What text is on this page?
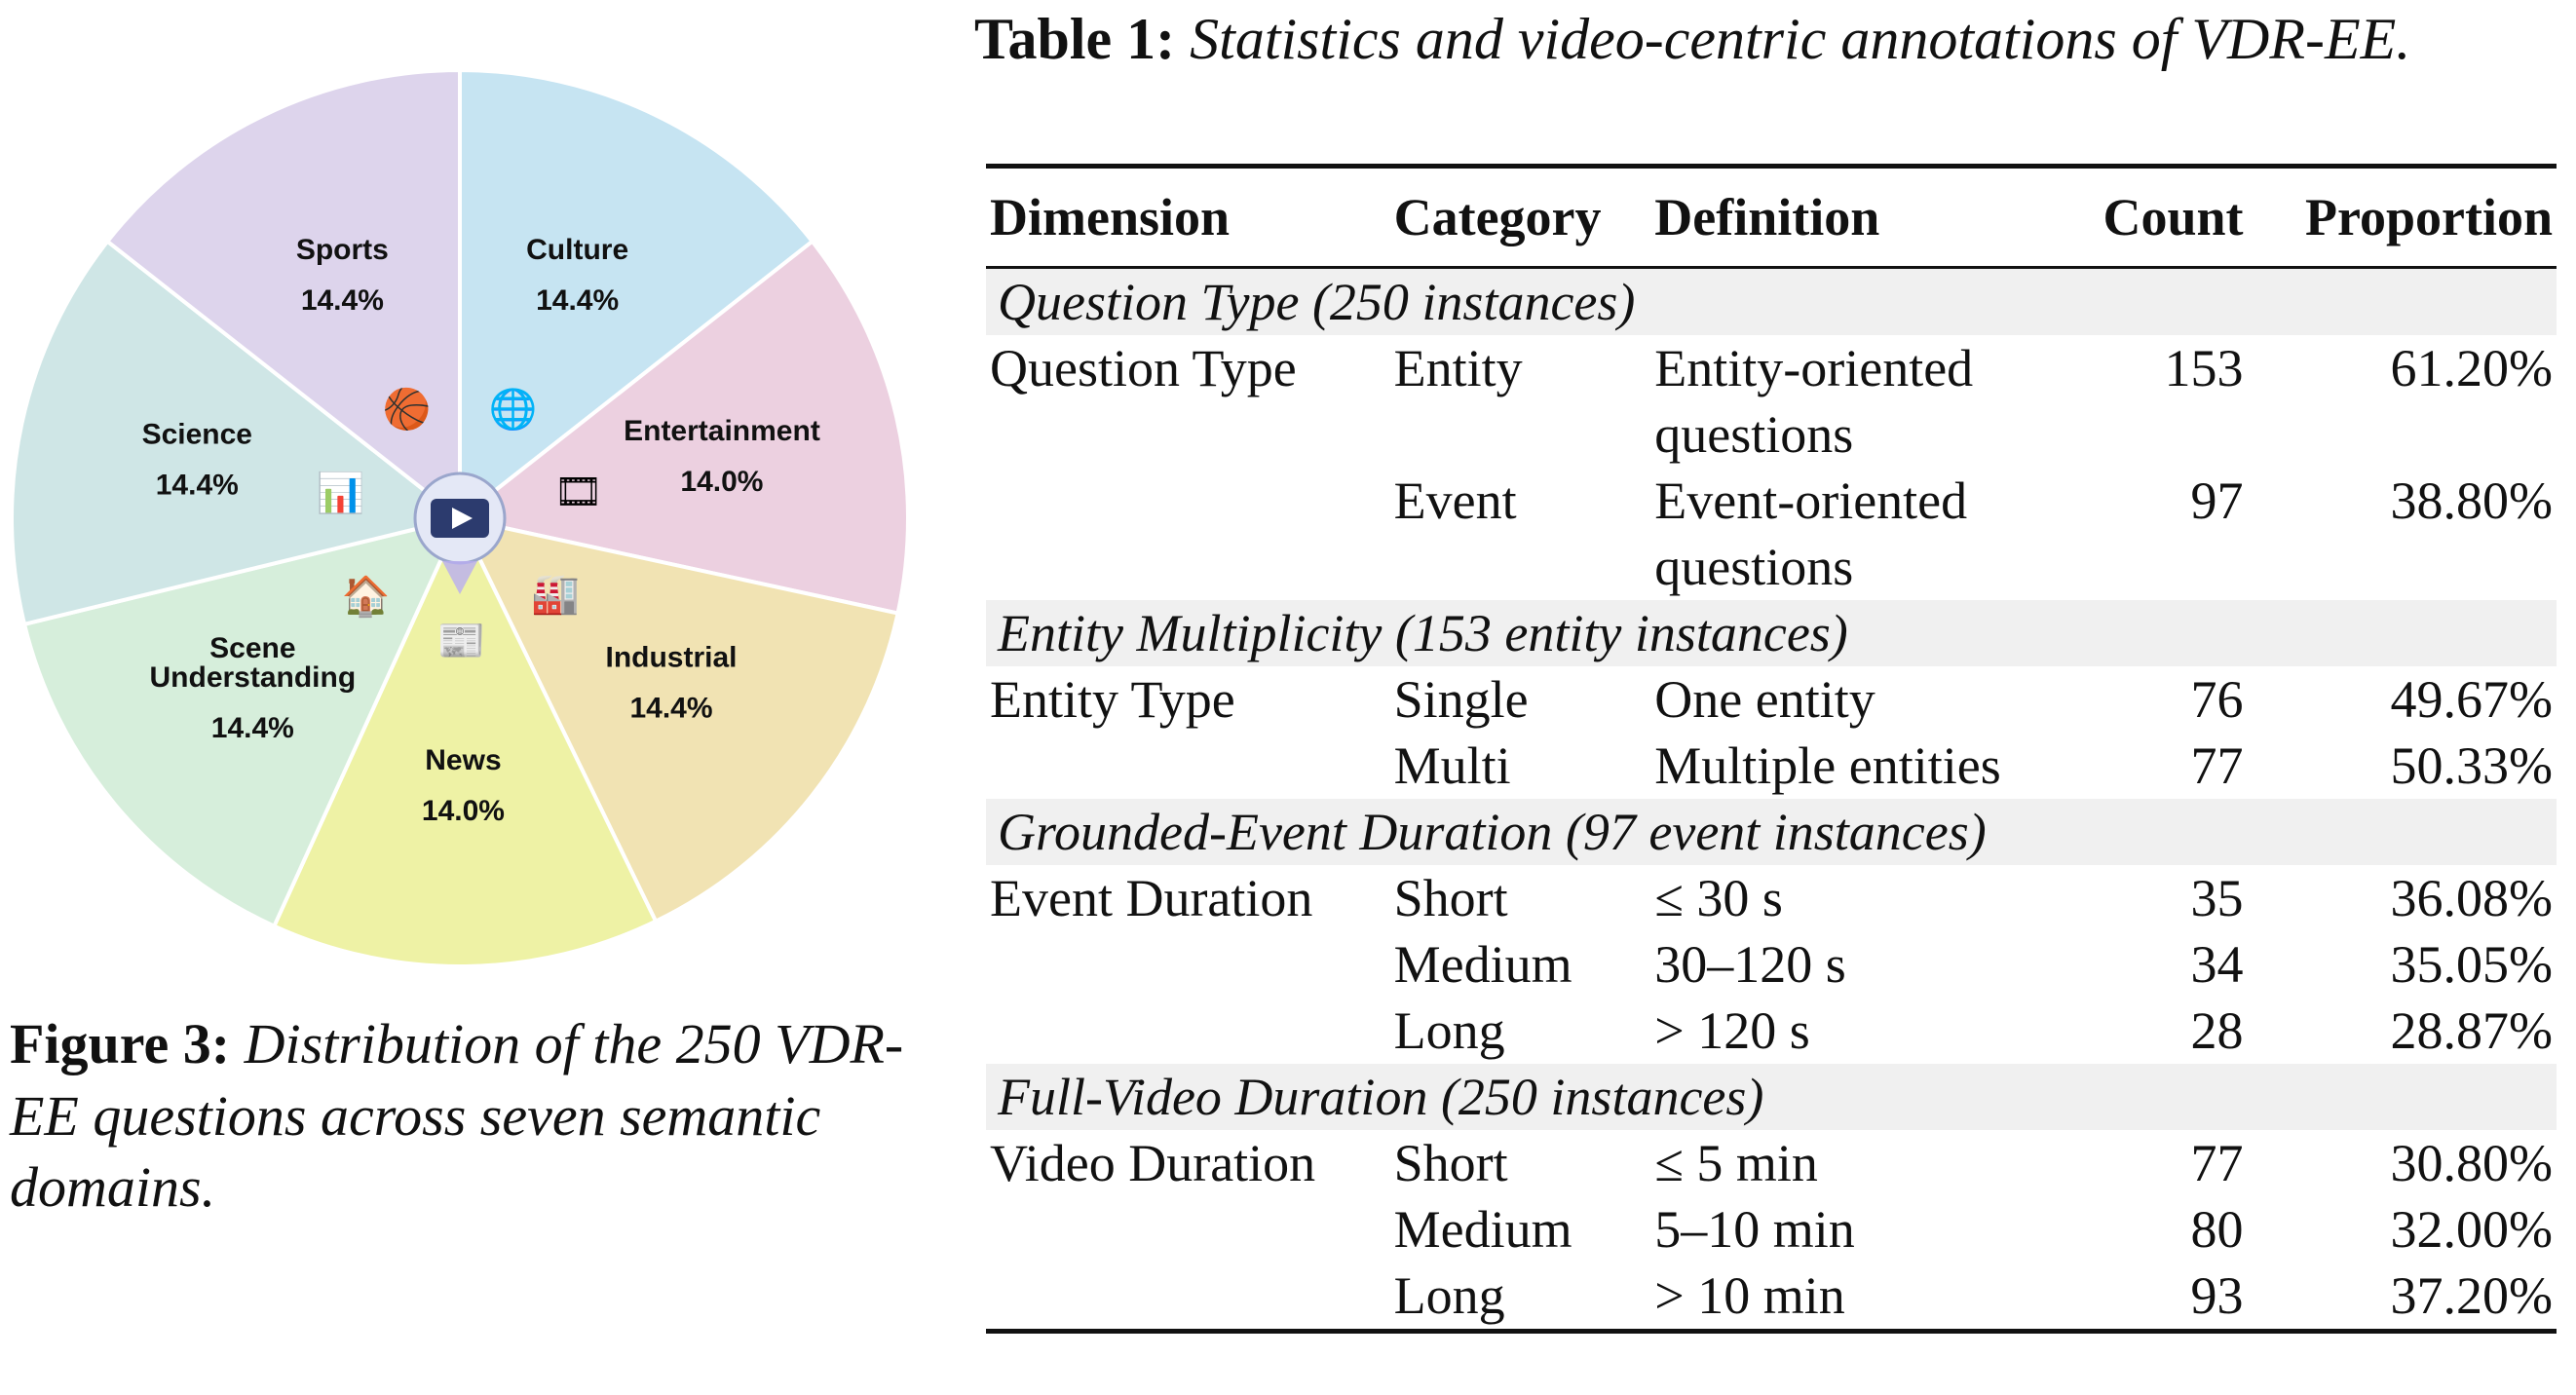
Culture
14.4%
🌐
Entertainment
14.0%
🎞
Industrial
14.4%
🏭
News
14.0%
📰
Scene
Understanding
14.4%
🏠
Science
14.4% 📊
Sports
14.4%
🏀
Figure 3: Distribution of the 250 VDR-EE questions across seven semantic domains.
Table 1: Statistics and video-centric annotations of VDR-EE.
Dimension	Category	Definition	Count	Proportion
Question Type (250 instances)				
Question Type	Entity	Entity-oriented questions	153	61.20%
	Event	Event-oriented questions	97	38.80%
Entity Multiplicity (153 entity instances)				
Entity Type	Single	One entity	76	49.67%
	Multi	Multiple entities	77	50.33%
Grounded-Event Duration (97 event instances)				
Event Duration	Short	≤ 30 s	35	36.08%
	Medium	30–120 s	34	35.05%
	Long	> 120 s	28	28.87%
Full-Video Duration (250 instances)				
Video Duration	Short	≤ 5 min	77	30.80%
	Medium	5–10 min	80	32.00%
	Long	> 10 min	93	37.20%
